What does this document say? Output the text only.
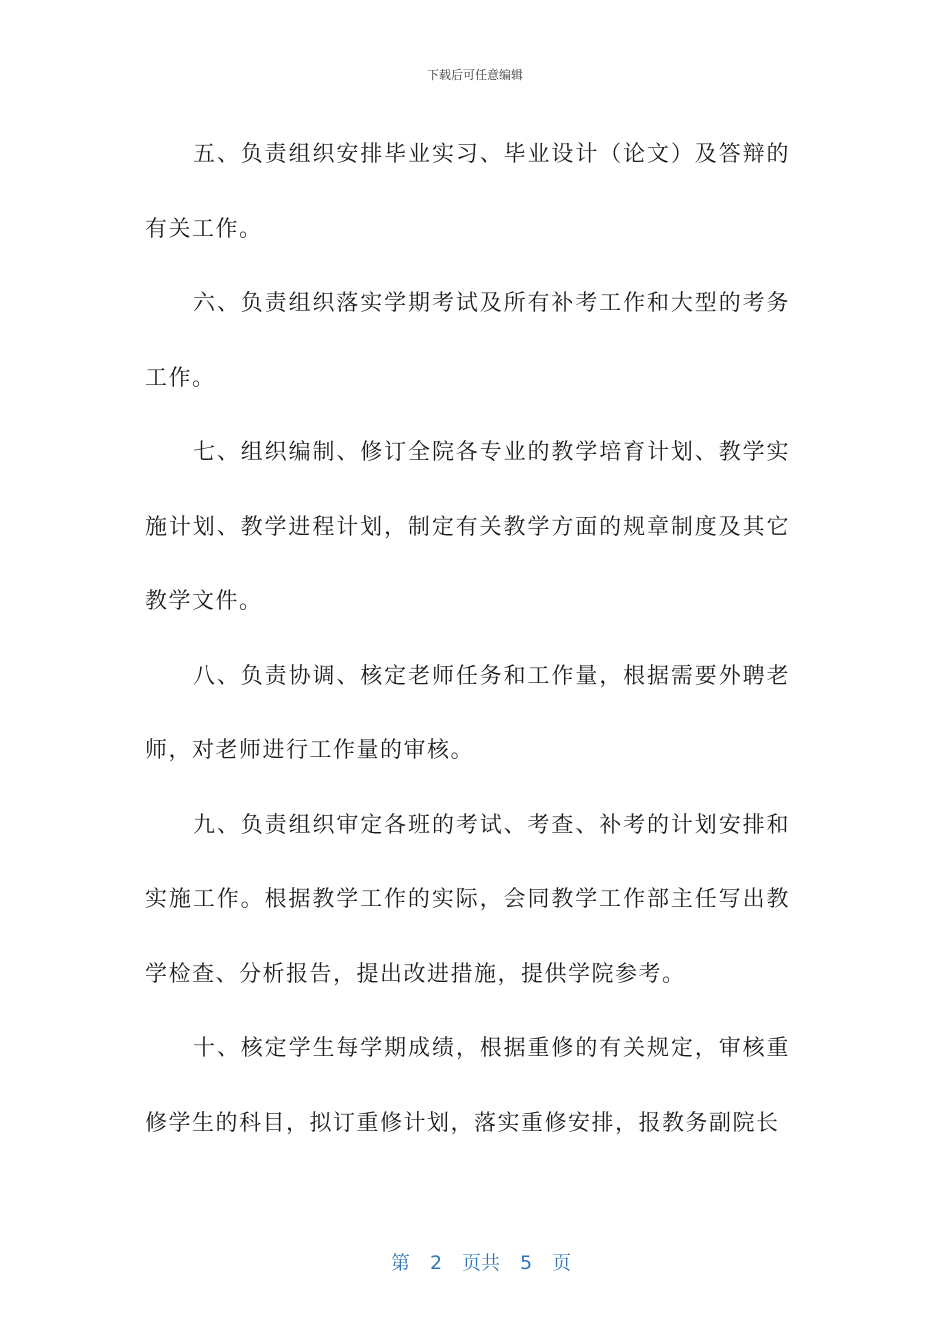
下载后可任意编辑

五、负责组织安排毕业实习、毕业设计（论文）及答辩的有关工作。

六、负责组织落实学期考试及所有补考工作和大型的考务工作。

七、组织编制、修订全院各专业的教学培育计划、教学实施计划、教学进程计划，制定有关教学方面的规章制度及其它教学文件。

八、负责协调、核定老师任务和工作量，根据需要外聘老师，对老师进行工作量的审核。

九、负责组织审定各班的考试、考查、补考的计划安排和实施工作。根据教学工作的实际，会同教学工作部主任写出教学检查、分析报告，提出改进措施，提供学院参考。

十、核定学生每学期成绩，根据重修的有关规定，审核重修学生的科目，拟订重修计划，落实重修安排，报教务副院长

第 2 页共 5 页
